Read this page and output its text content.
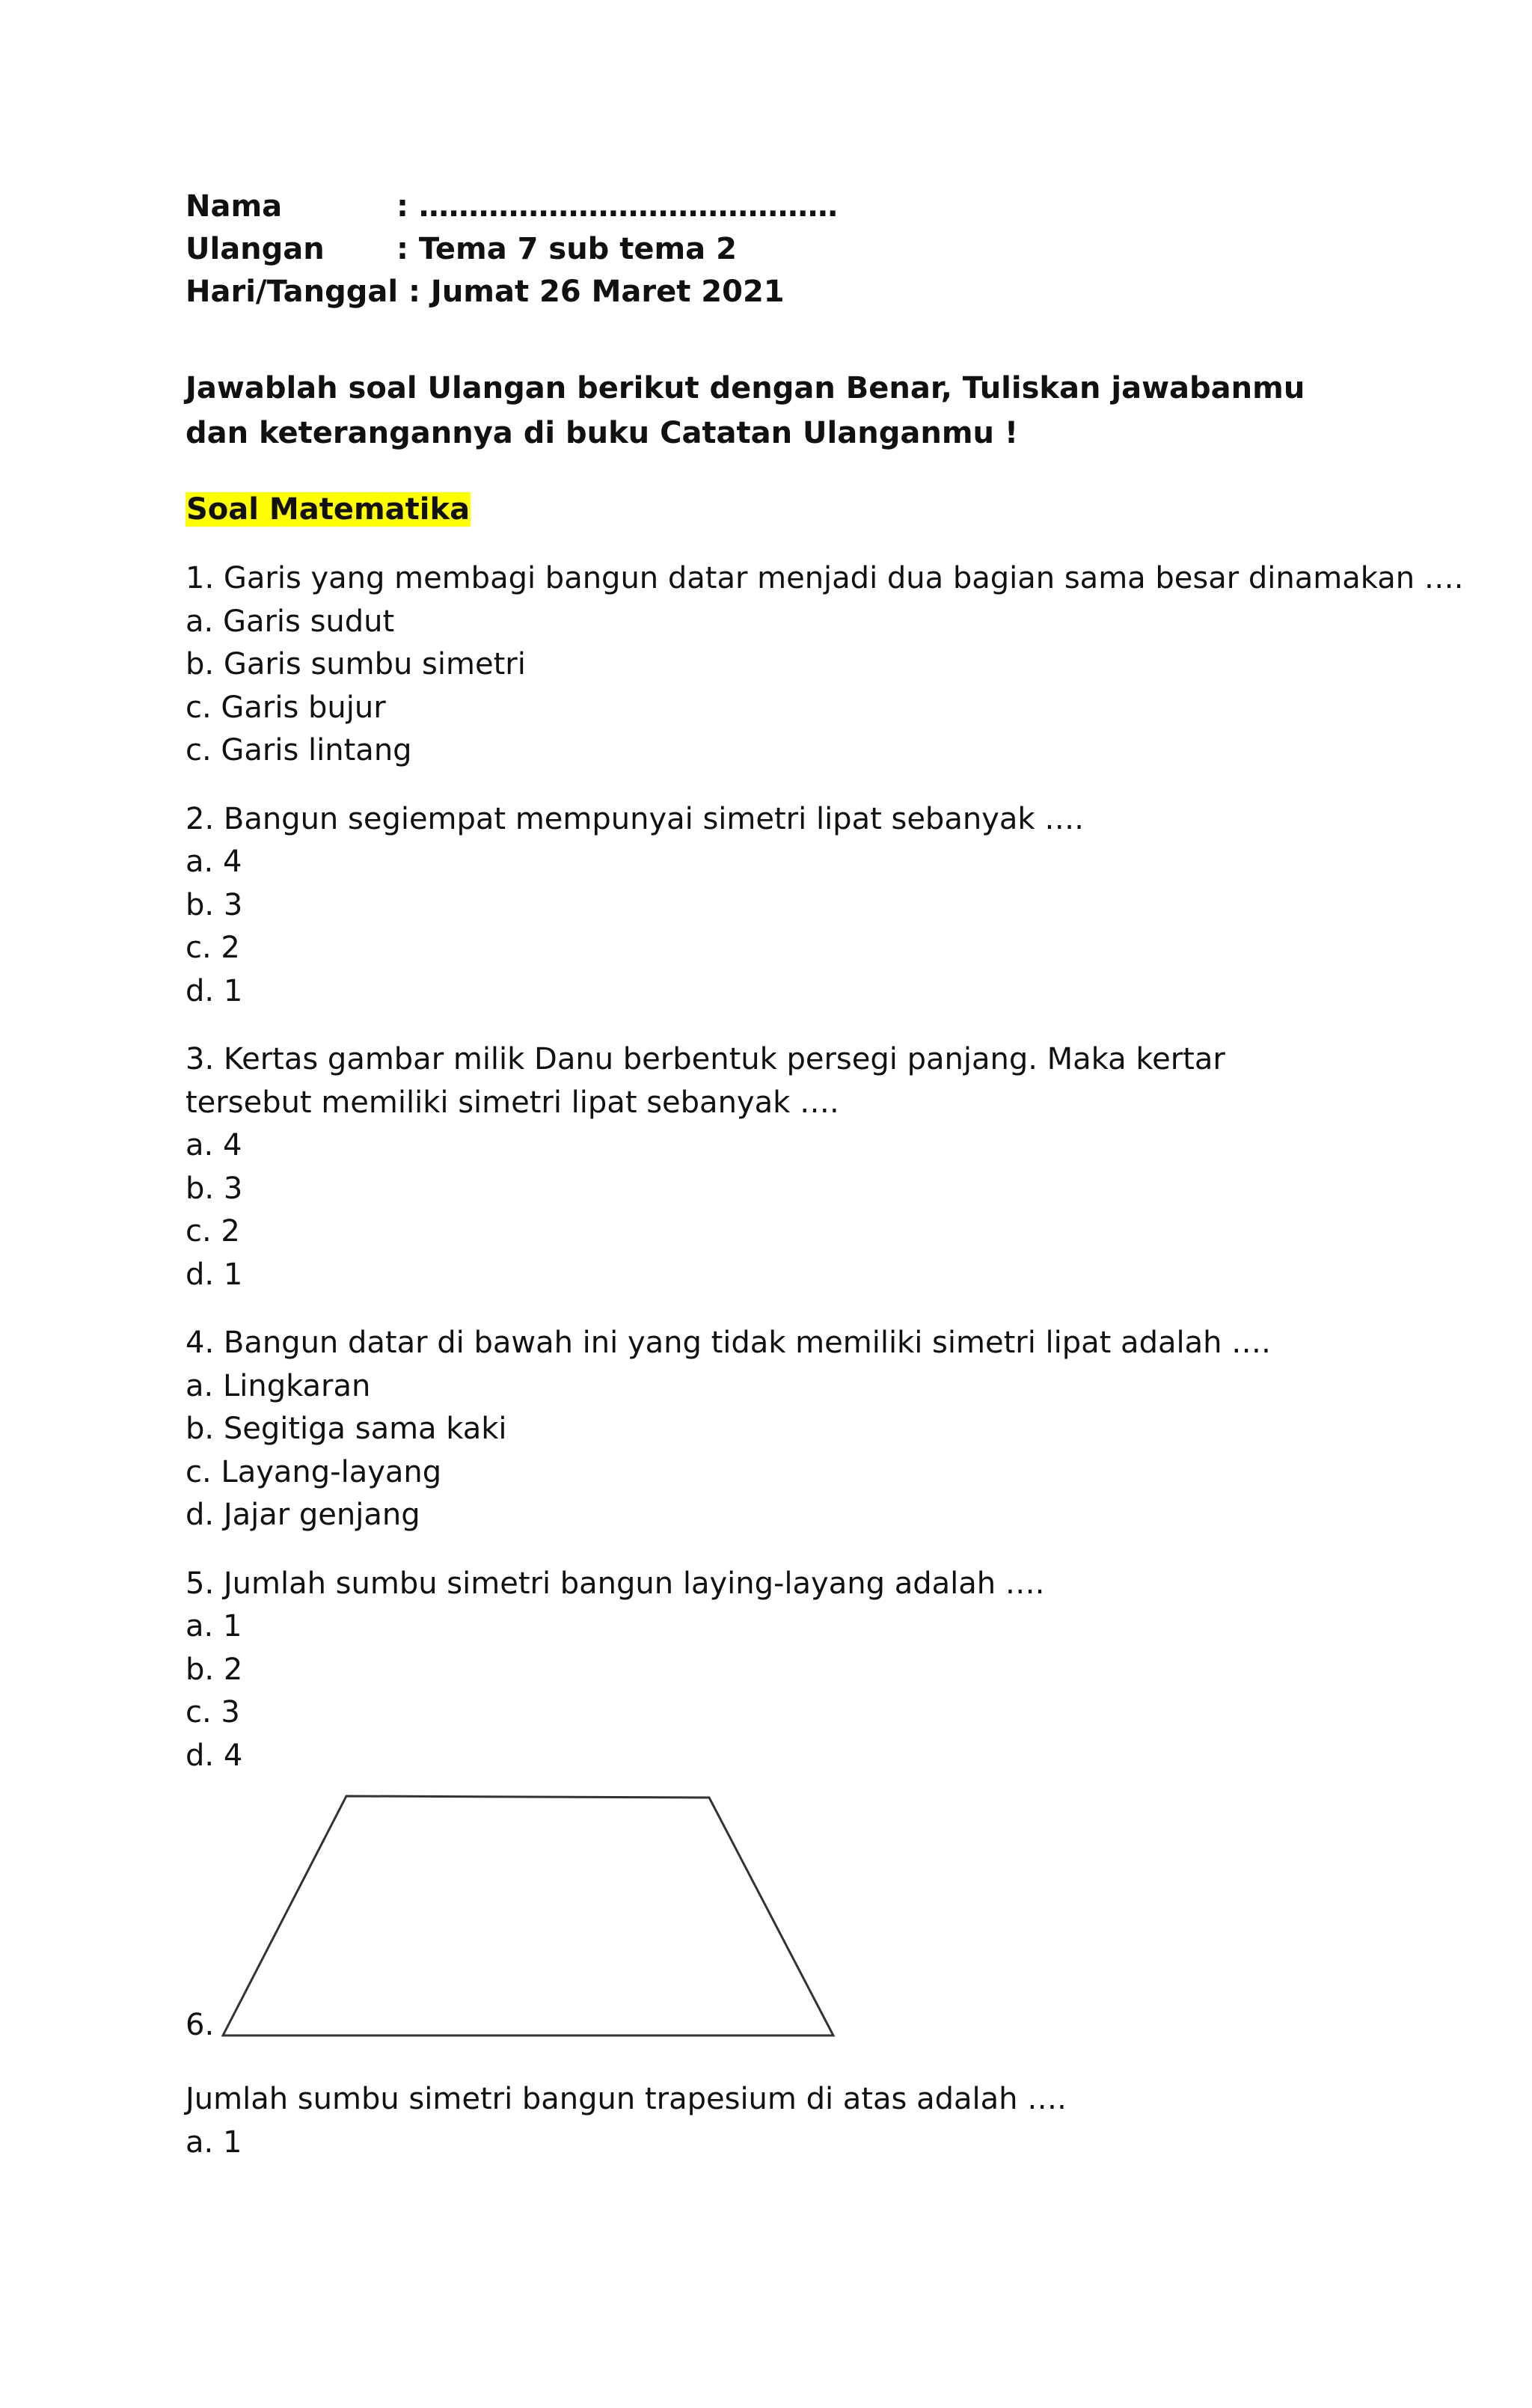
Nama	: ……………………………………
Ulangan : Tema 7 sub tema 2
Hari/Tanggal : Jumat 26 Maret 2021
Jawablah soal Ulangan berikut dengan Benar, Tuliskan jawabanmu dan keterangannya di buku Catatan Ulanganmu !
Soal Matematika
1. Garis yang membagi bangun datar menjadi dua bagian sama besar dinamakan ….
a. Garis sudut
b. Garis sumbu simetri
c. Garis bujur
c. Garis lintang
2. Bangun segiempat mempunyai simetri lipat sebanyak ….
a. 4
b. 3
c. 2
d. 1
3. Kertas gambar milik Danu berbentuk persegi panjang. Maka kertar tersebut memiliki simetri lipat sebanyak ….
a. 4
b. 3
c. 2
d. 1
4. Bangun datar di bawah ini yang tidak memiliki simetri lipat adalah ….
a. Lingkaran
b. Segitiga sama kaki
c. Layang-layang
d. Jajar genjang
5. Jumlah sumbu simetri bangun laying-layang adalah ….
a. 1
b. 2
c. 3
d. 4
6.
Jumlah sumbu simetri bangun trapesium di atas adalah ….
a. 1
